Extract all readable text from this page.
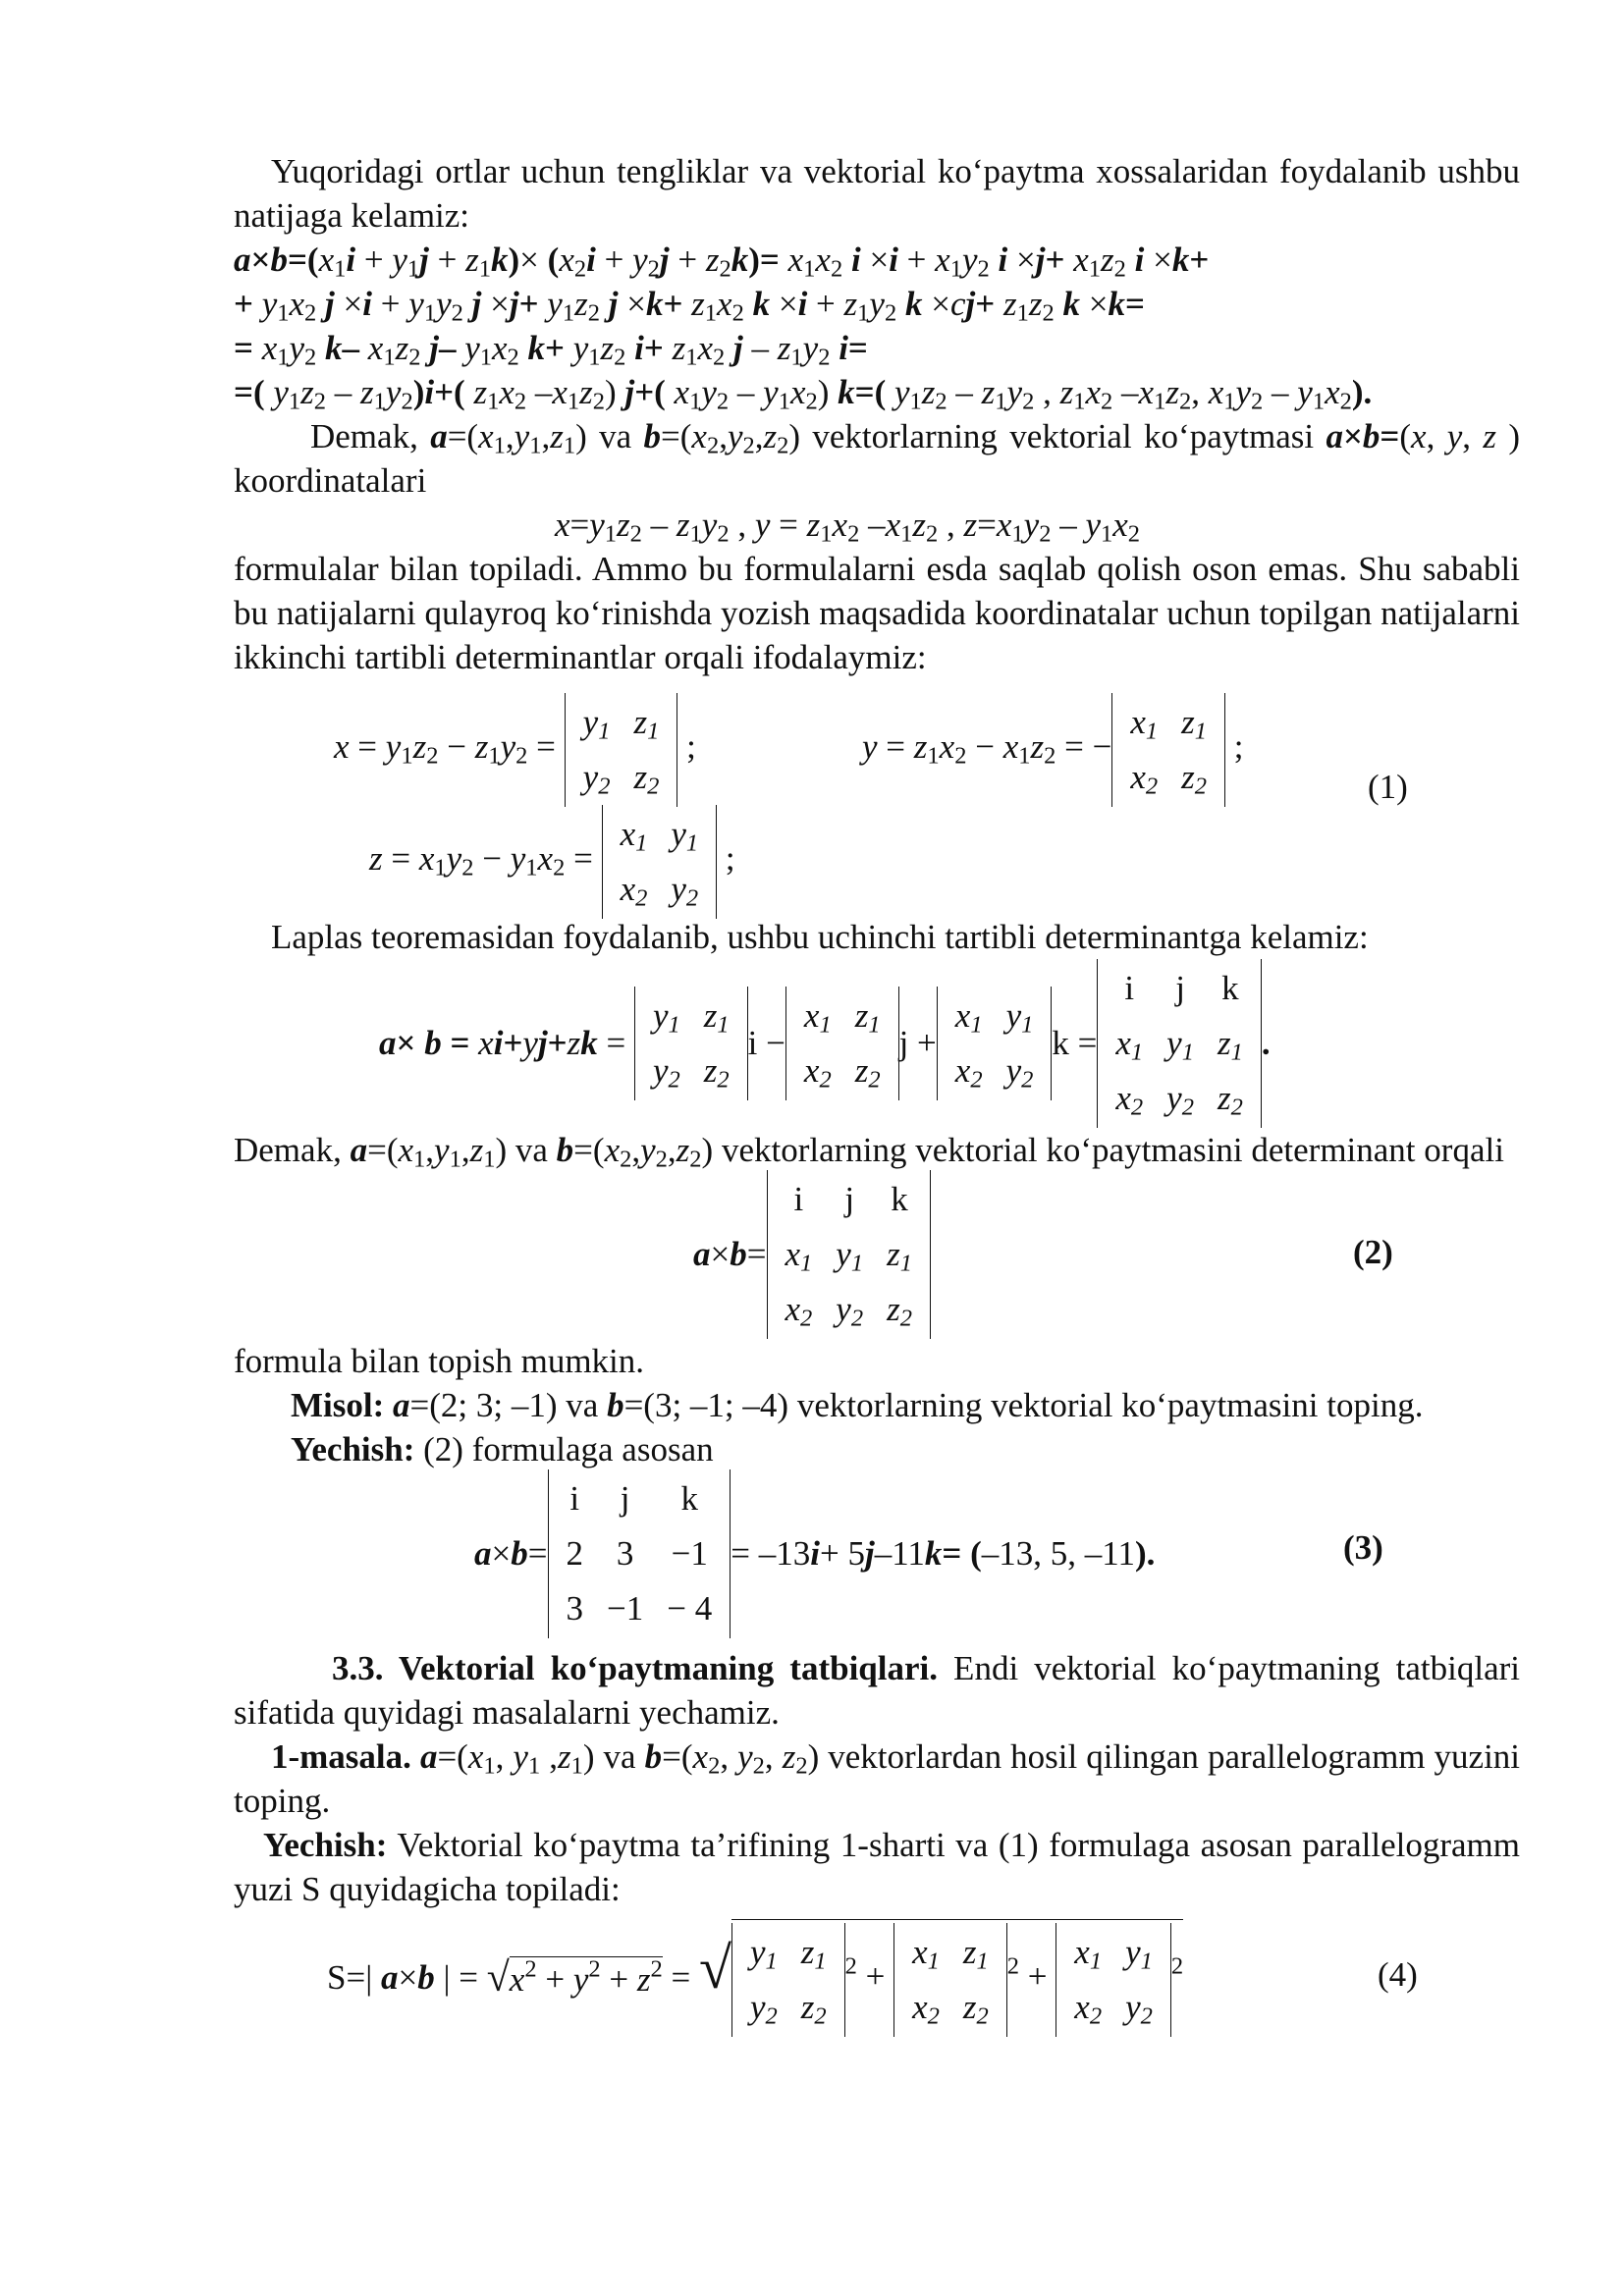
Yuqoridagi ortlar uchun tengliklar va vektorial ko‘paytma xossalaridan foydalanib ushbu natijaga kelamiz:

$a\times b=(x_1i + y_1j + z_1k)\times (x_2i + y_2j + z_2k)= x_1x_2$ $i \times i + x_1y_2$ $i \times j+ x_1z_2$ i ×k+

+ $y_1x_2$ $j \times i + y_1y_2$ $j \times j+ y_1z_2$ $j \times k+ z_1x_2$ $k \times i + z_1y_2$ $k \times cj+ z_1z_2$ k ×k=

= $x_1y_2$ k– $x_1z_2$ j– $y_1x_2$ $k+ y_1z_2$ $i+ z_1x_2$ j – $z_1y_2$ i=

=( $y_1z_2 - z_1y_2)i+$( $z_1x_2$ $-x_1z_2$) j+( $x_1y_2 - y_1x_2$) k=( $y_1z_2 - z_1y_2$ , $z_1x_2$ $-x_1z_2$, $x_1y_2 - y_1x_2$).

Demak, $a=(x_1,y_1,z_1)$ va $b=(x_2,y_2,z_2)$ vektorlarning vektorial ko‘paytmasi a×b=(x, y, z ) koordinatalari

$x=y_1z_2 - z_1y_2$ , $y = z_1x_2$ $-x_1z_2$ , $z=x_1y_2 - y_1x_2$

formulalar bilan topiladi. Ammo bu formulalarni esda saqlab qolish oson emas. Shu sababli bu natijalarni qulayroq ko‘rinishda yozish maqsadida koordinatalar uchun topilgan natijalarni ikkinchi tartibli determinantlar orqali ifodalaymiz:

$x = y_1z_2 - z_1y_2$ =
$y_1$	$z_1$
$y_2$	$z_2$
;	$y = z_1x_2 - x_1z_2$ = −
$x_1$	$z_1$
$x_2$	$z_2$
;
(1)
$z = x_1y_2 - y_1x_2$ =
$x_1$	$y_1$
$x_2$	$y_2$
;

Laplas teoremasidan foydalanib, ushbu uchinchi tartibli determinantga kelamiz:

a× b = xi+yj+zk =
$y_1$	$z_1$
$y_2$	$z_2$
i −
$x_1$	$z_1$
$x_2$	$z_2$
j +
$x_1$	$y_1$
$x_2$	$y_2$
k =
i	j	k
$x_1$	$y_1$	$z_1$
$x_2$	$y_2$	$z_2$
.

Demak, $a=(x_1,y_1,z_1)$ va $b=(x_2,y_2,z_2)$ vektorlarning vektorial ko‘paytmasini determinant orqali

a×b=
i	j	k
$x_1$	$y_1$	$z_1$
$x_2$	$y_2$	$z_2$
(2)

formula bilan topish mumkin.

Misol: a=(2; 3; –1) va b=(3; –1; –4) vektorlarning vektorial ko‘paytmasini toping.

Yechish: (2) formulaga asosan

a×b=
i	j	k
2	3	−1
3	−1	− 4
= –13i+ 5j–11k= (–13, 5, –11).	(3)

3.3. Vektorial ko‘paytmaning tatbiqlari. Endi vektorial ko‘paytmaning tatbiqlari sifatida quyidagi masalalarni yechamiz.

1-masala. $a=(x_1$, $y_1$ $,z_1$) va $b=(x_2$, $y_2$, $z_2$) vektorlardan hosil qilingan parallelogramm yuzini toping.

Yechish: Vektorial ko‘paytma ta’rifining 1-sharti va (1) formulaga asosan parallelogramm yuzi S quyidagicha topiladi:

S=| a×b | = $√x^2 + y^2 + z^2$ = √ $y_1$	$z_1$
$y_2$	$z_2$
$^2$ +
$x_1$	$z_1$
$x_2$	$z_2$
$^2$ +
$x_1$	$y_1$
$x_2$	$y_2$
$^2$	(4)
